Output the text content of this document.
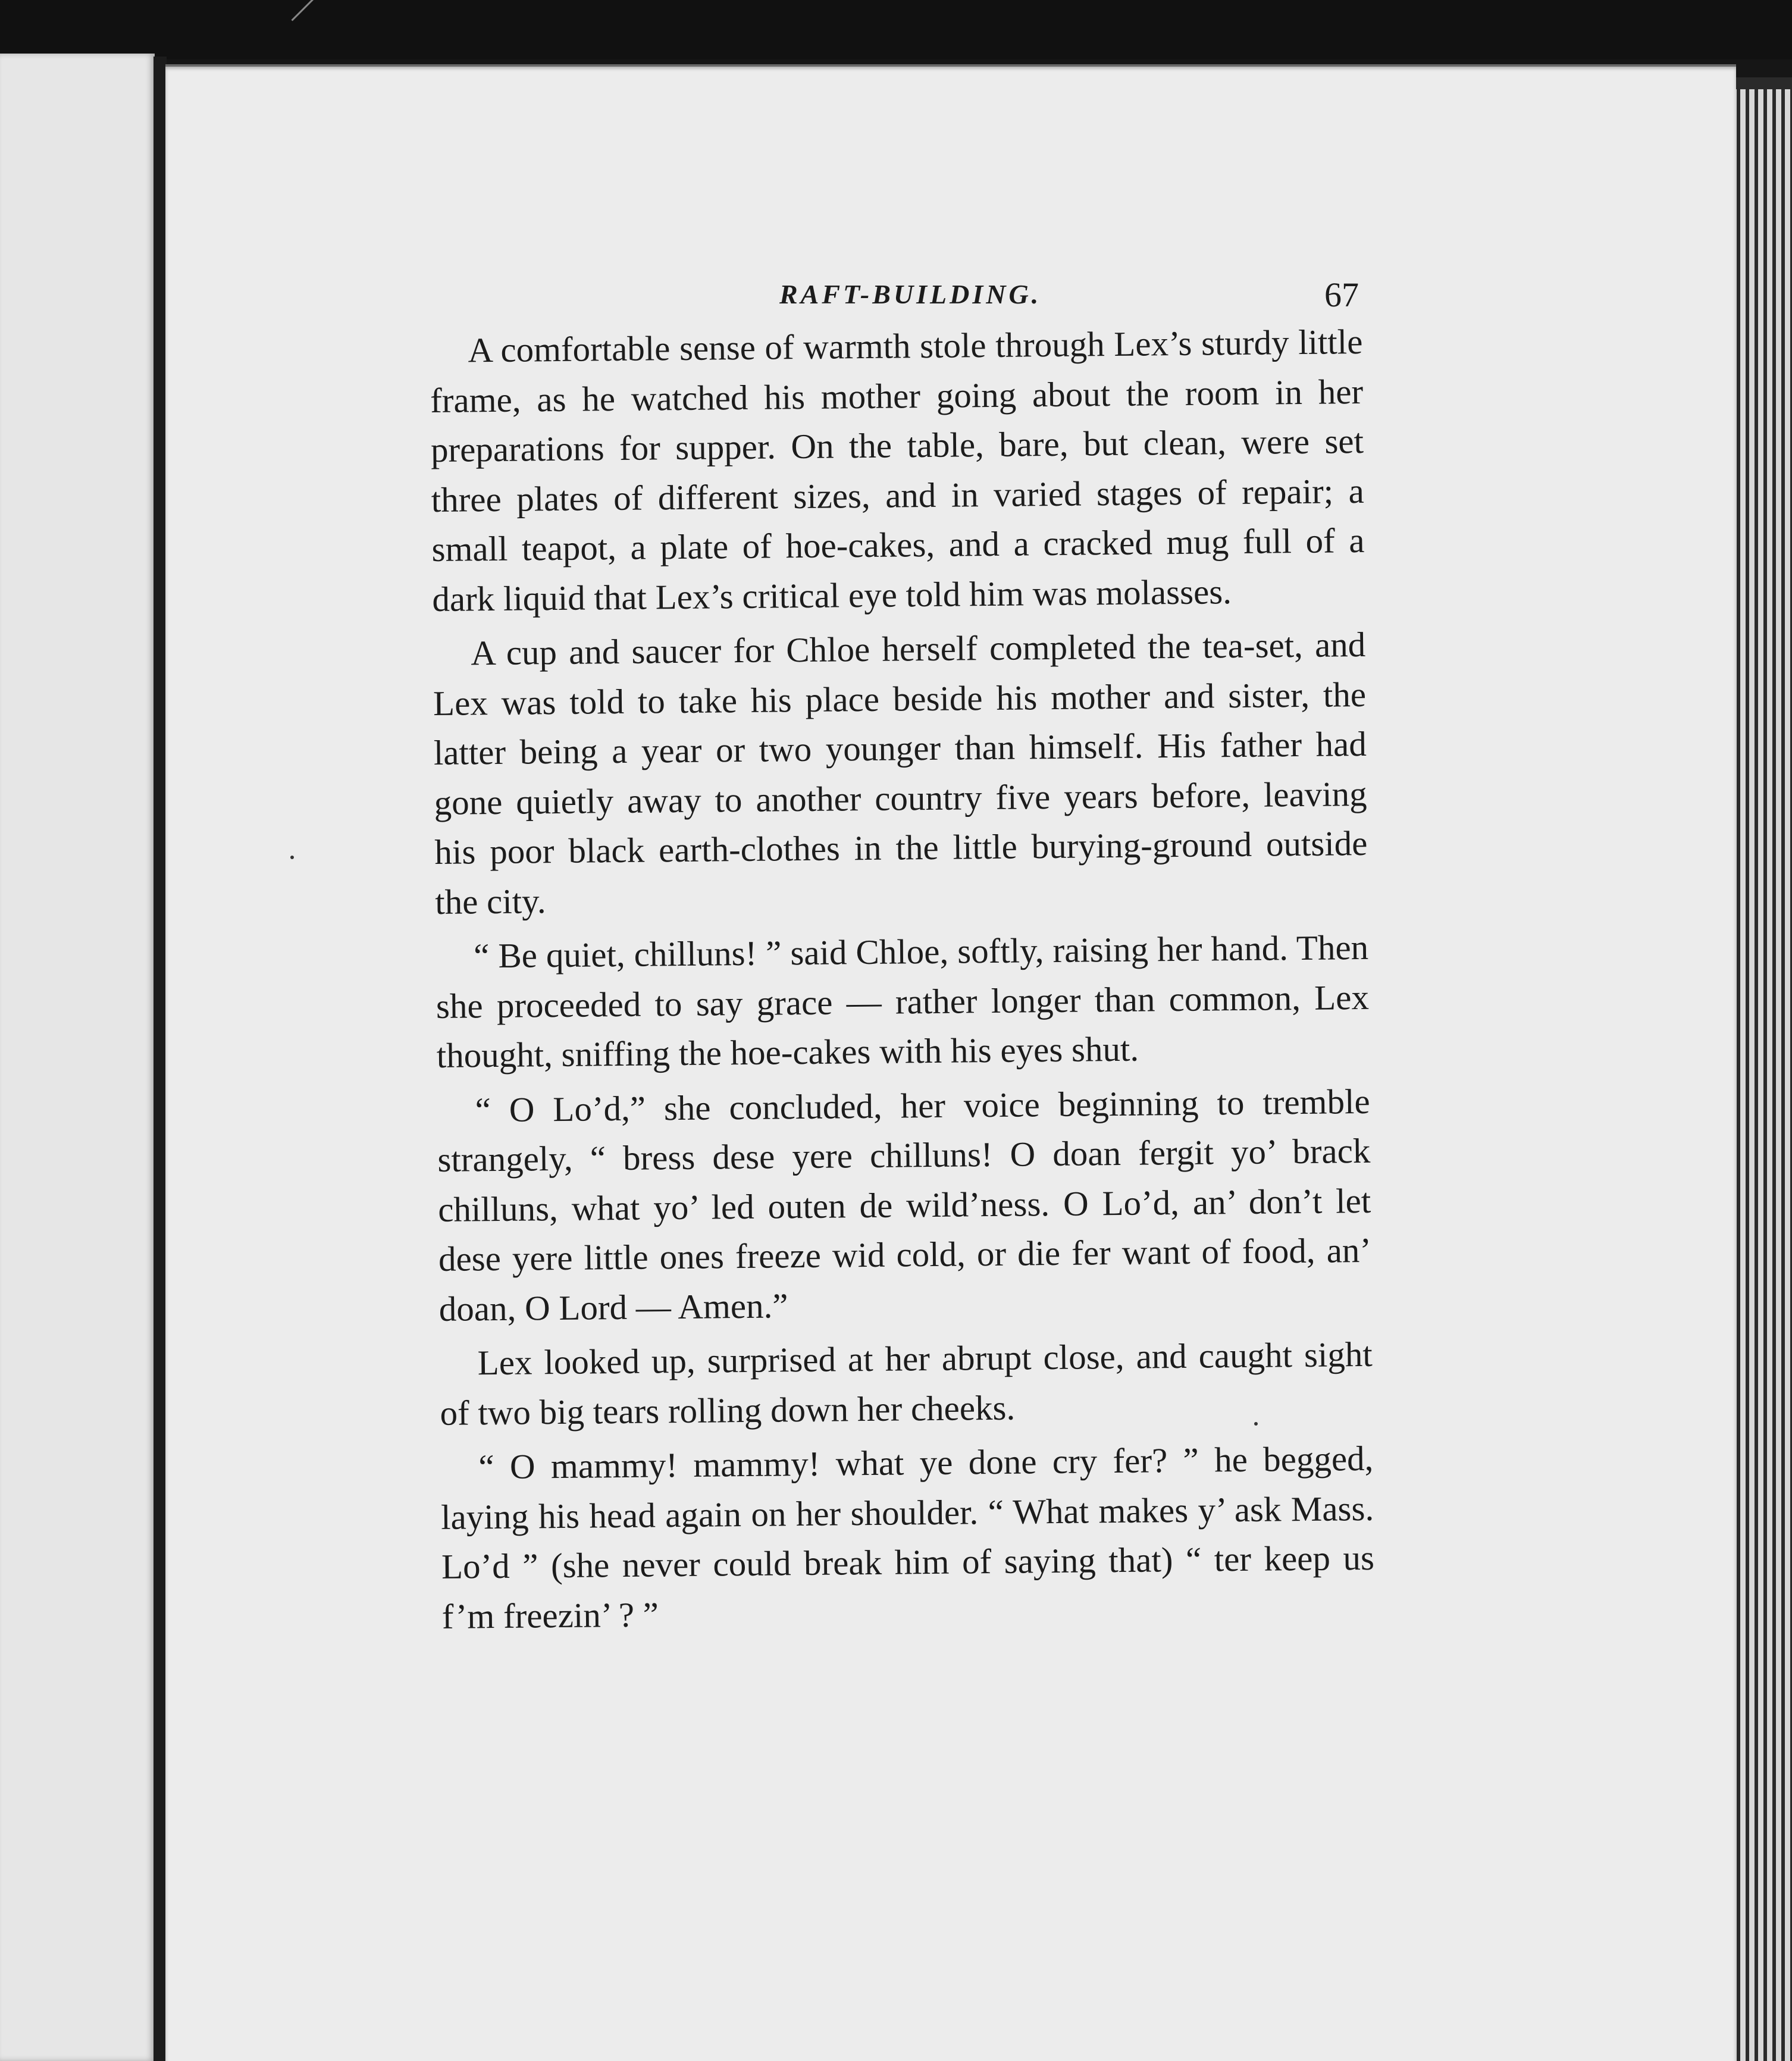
RAFT-BUILDING.	67

A comfortable sense of warmth stole through Lex’s sturdy little frame, as he watched his mother going about the room in her preparations for supper. On the table, bare, but clean, were set three plates of different sizes, and in varied stages of repair; a small teapot, a plate of hoe-cakes, and a cracked mug full of a dark liquid that Lex’s critical eye told him was molasses.

A cup and saucer for Chloe herself completed the tea-set, and Lex was told to take his place beside his mother and sister, the latter being a year or two younger than himself. His father had gone quietly away to another country five years before, leaving his poor black earth-clothes in the little burying-ground outside the city.

“ Be quiet, chilluns! ” said Chloe, softly, raising her hand. Then she proceeded to say grace — rather longer than common, Lex thought, sniffing the hoe-cakes with his eyes shut.

“ O Lo’d,” she concluded, her voice beginning to tremble strangely, “ bress dese yere chilluns! O doan fergit yo’ brack chilluns, what yo’ led outen de wild’ness. O Lo’d, an’ don’t let dese yere little ones freeze wid cold, or die fer want of food, an’ doan, O Lord — Amen.”

Lex looked up, surprised at her abrupt close, and caught sight of two big tears rolling down her cheeks.

“ O mammy! mammy! what ye done cry fer? ” he begged, laying his head again on her shoulder. “ What makes y’ ask Mass. Lo’d ” (she never could break him of saying that) “ ter keep us f’m freezin’ ? ”
